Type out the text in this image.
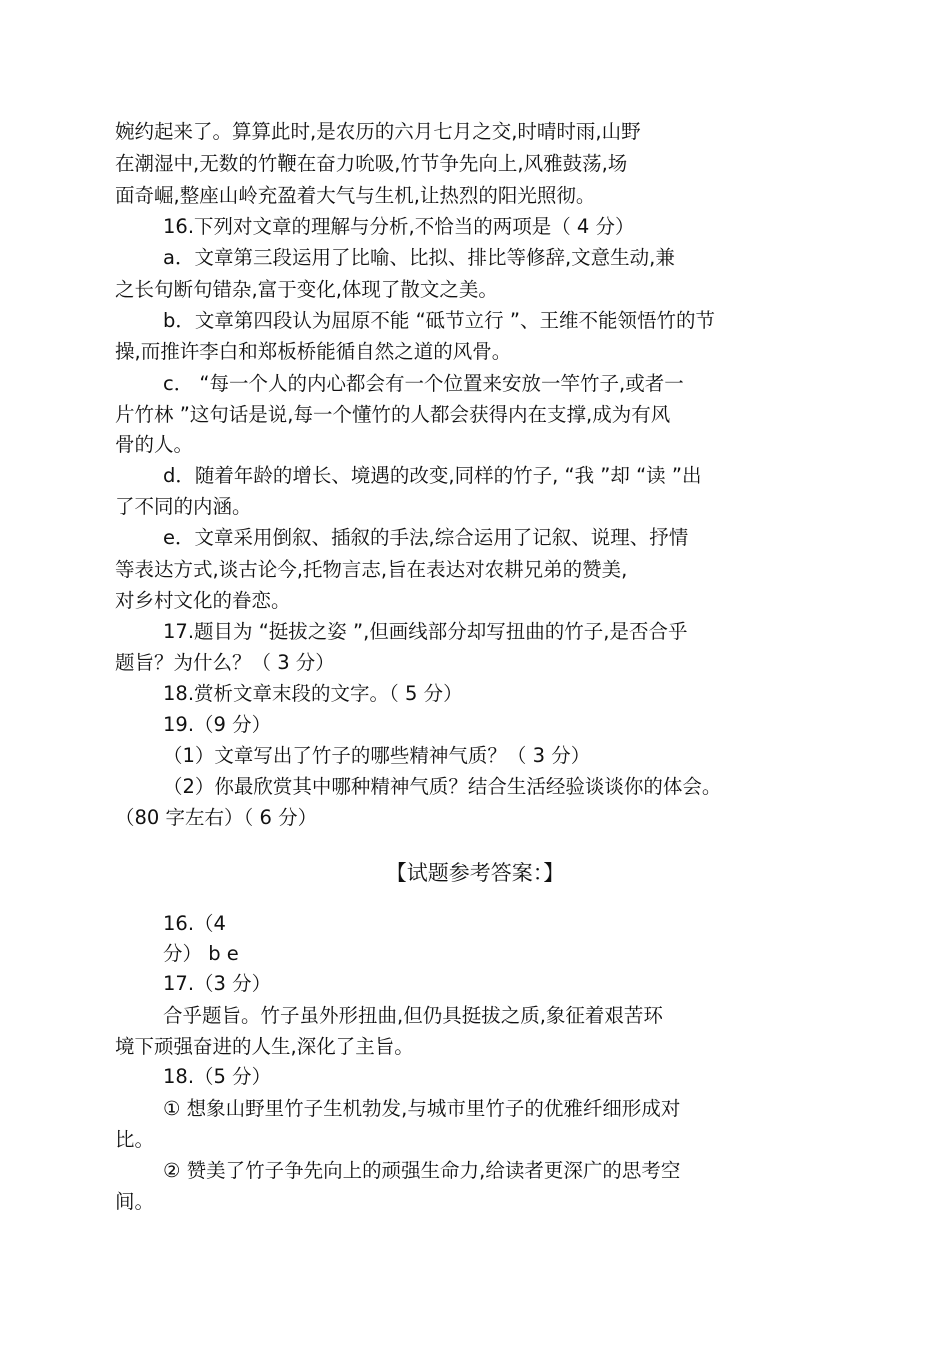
婉约起来了。算算此时,是农历的六月七月之交,时晴时雨,山野
在潮湿中,无数的竹鞭在奋力吮吸,竹节争先向上,风雅鼓荡,场
面奇崛,整座山岭充盈着大气与生机,让热烈的阳光照彻。
16.下列对文章的理解与分析,不恰当的两项是（ 4 分）
a．文章第三段运用了比喻、比拟、排比等修辞,文意生动,兼
之长句断句错杂,富于变化,体现了散文之美。
b．文章第四段认为屈原不能 “砥节立行 ”、王维不能领悟竹的节
操,而推许李白和郑板桥能循自然之道的风骨。
c． “每一个人的内心都会有一个位置来安放一竿竹子,或者一
片竹林 ”这句话是说,每一个懂竹的人都会获得内在支撑,成为有风
骨的人。
d．随着年龄的增长、境遇的改变,同样的竹子, “我 ”却 “读 ”出
了不同的内涵。
e．文章采用倒叙、插叙的手法,综合运用了记叙、说理、抒情
等表达方式,谈古论今,托物言志,旨在表达对农耕兄弟的赞美,
对乡村文化的眷恋。
17.题目为 “挺拔之姿 ”,但画线部分却写扭曲的竹子,是否合乎
题旨？为什么？（ 3 分）
18.赏析文章末段的文字。（ 5 分）
19.（9 分）
（1）文章写出了竹子的哪些精神气质？（ 3 分）
（2）你最欣赏其中哪种精神气质？结合生活经验谈谈你的体会。
（80 字左右）（ 6 分）
【试题参考答案：】
16.（4
分） b e
17.（3 分）
合乎题旨。竹子虽外形扭曲,但仍具挺拔之质,象征着艰苦环
境下顽强奋进的人生,深化了主旨。
18.（5 分）
① 想象山野里竹子生机勃发,与城市里竹子的优雅纤细形成对
比。
② 赞美了竹子争先向上的顽强生命力,给读者更深广的思考空
间。
